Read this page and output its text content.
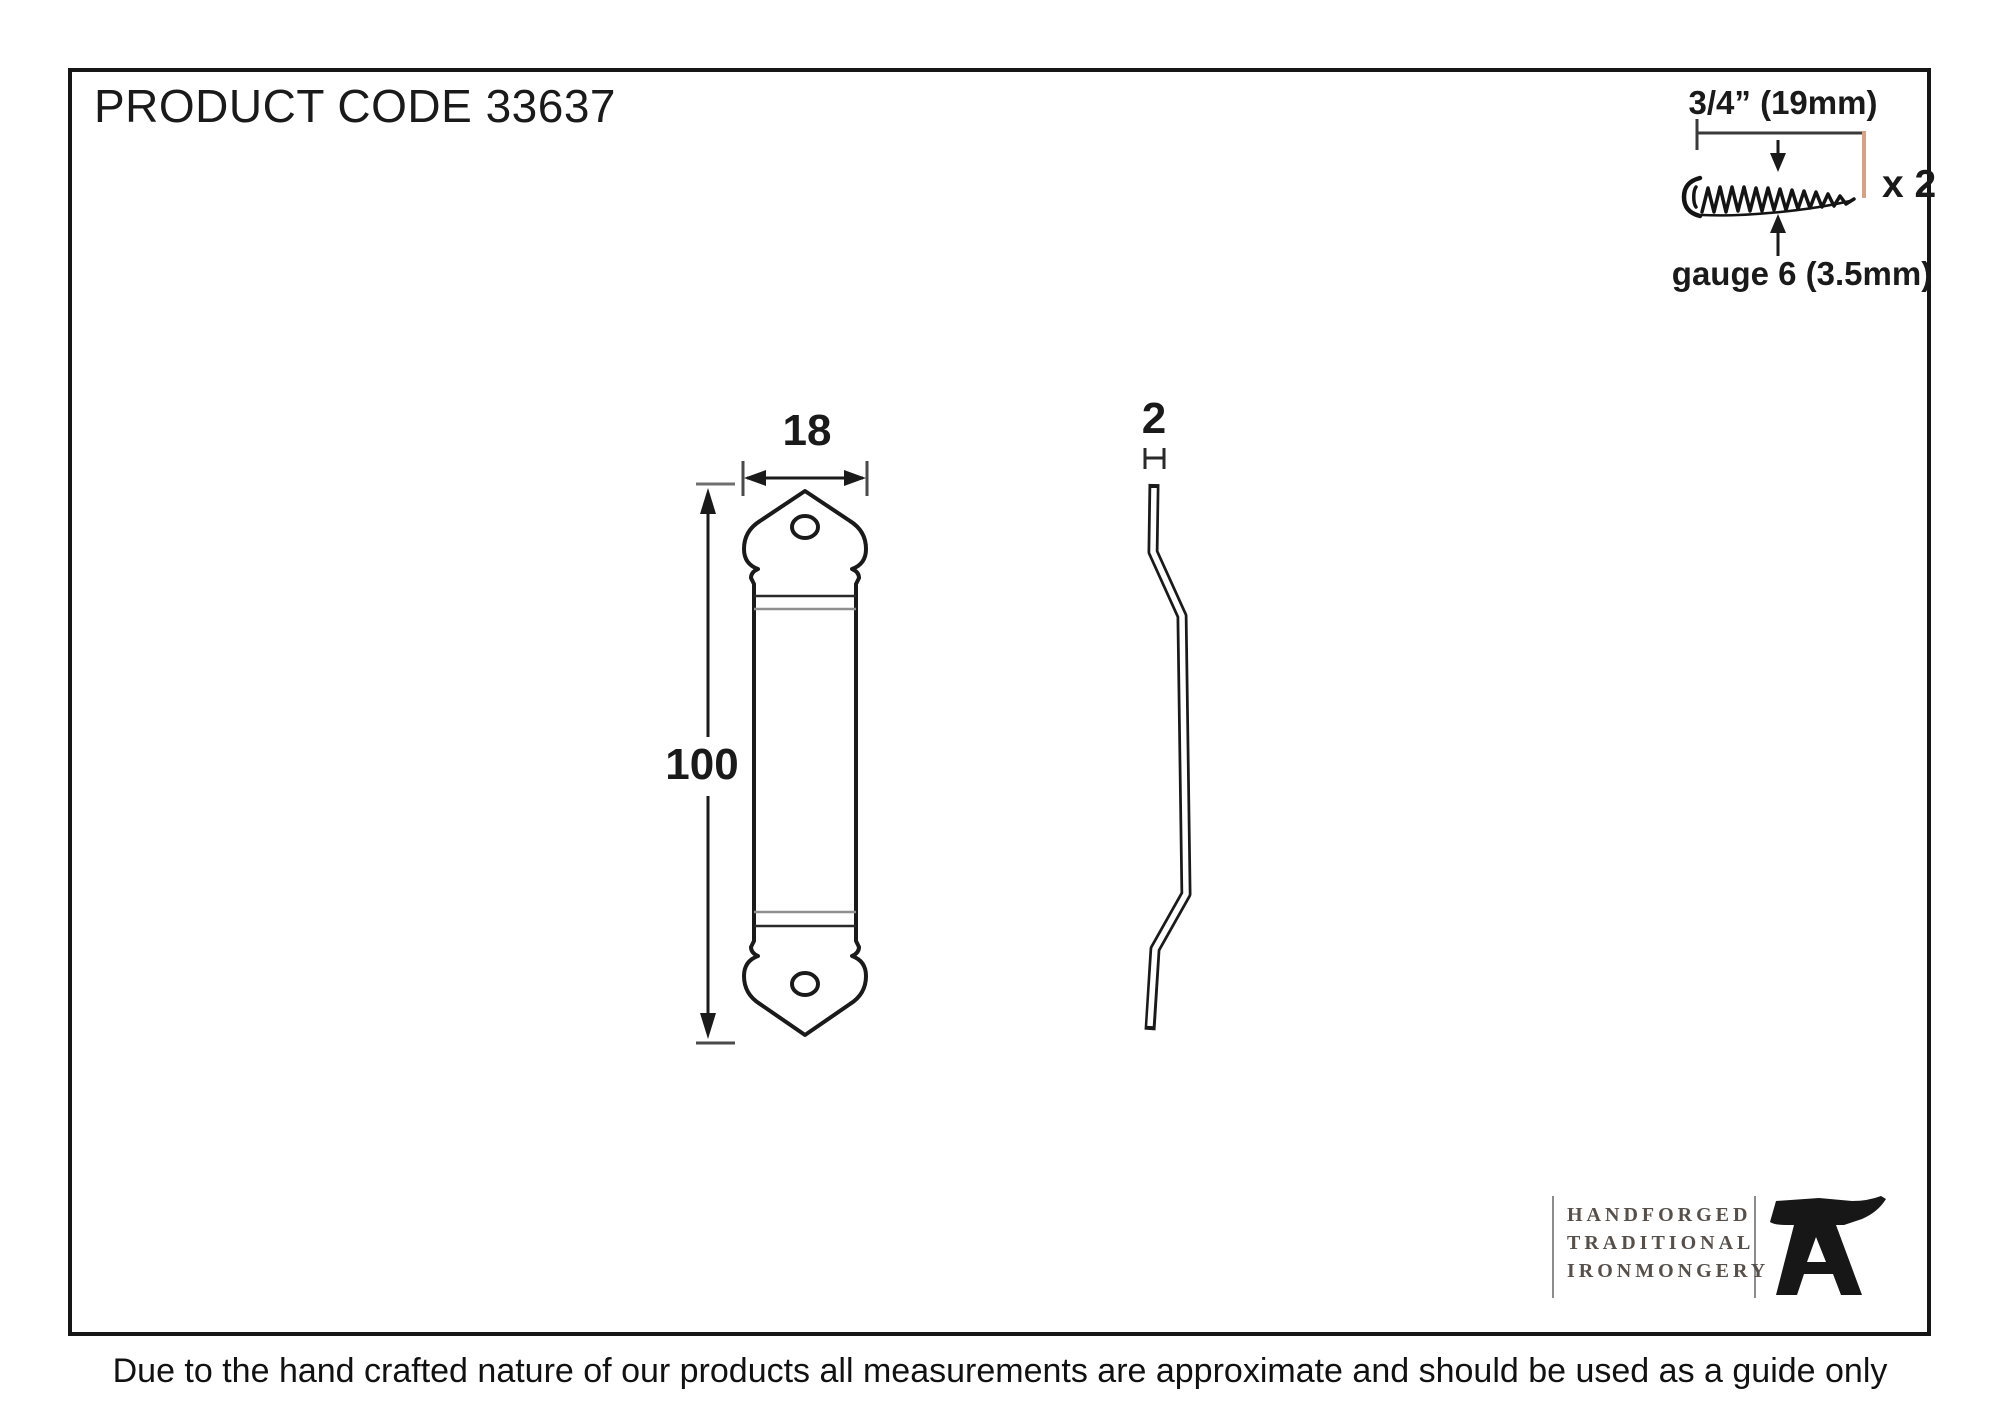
PRODUCT CODE 33637	3/4” (19mm)
x 2
gauge 6 (3.5mm)
18
100
2
HANDFORGED
TRADITIONAL
IRONMONGERY
Due to the hand crafted nature of our products all measurements are approximate and should be used as a guide only
